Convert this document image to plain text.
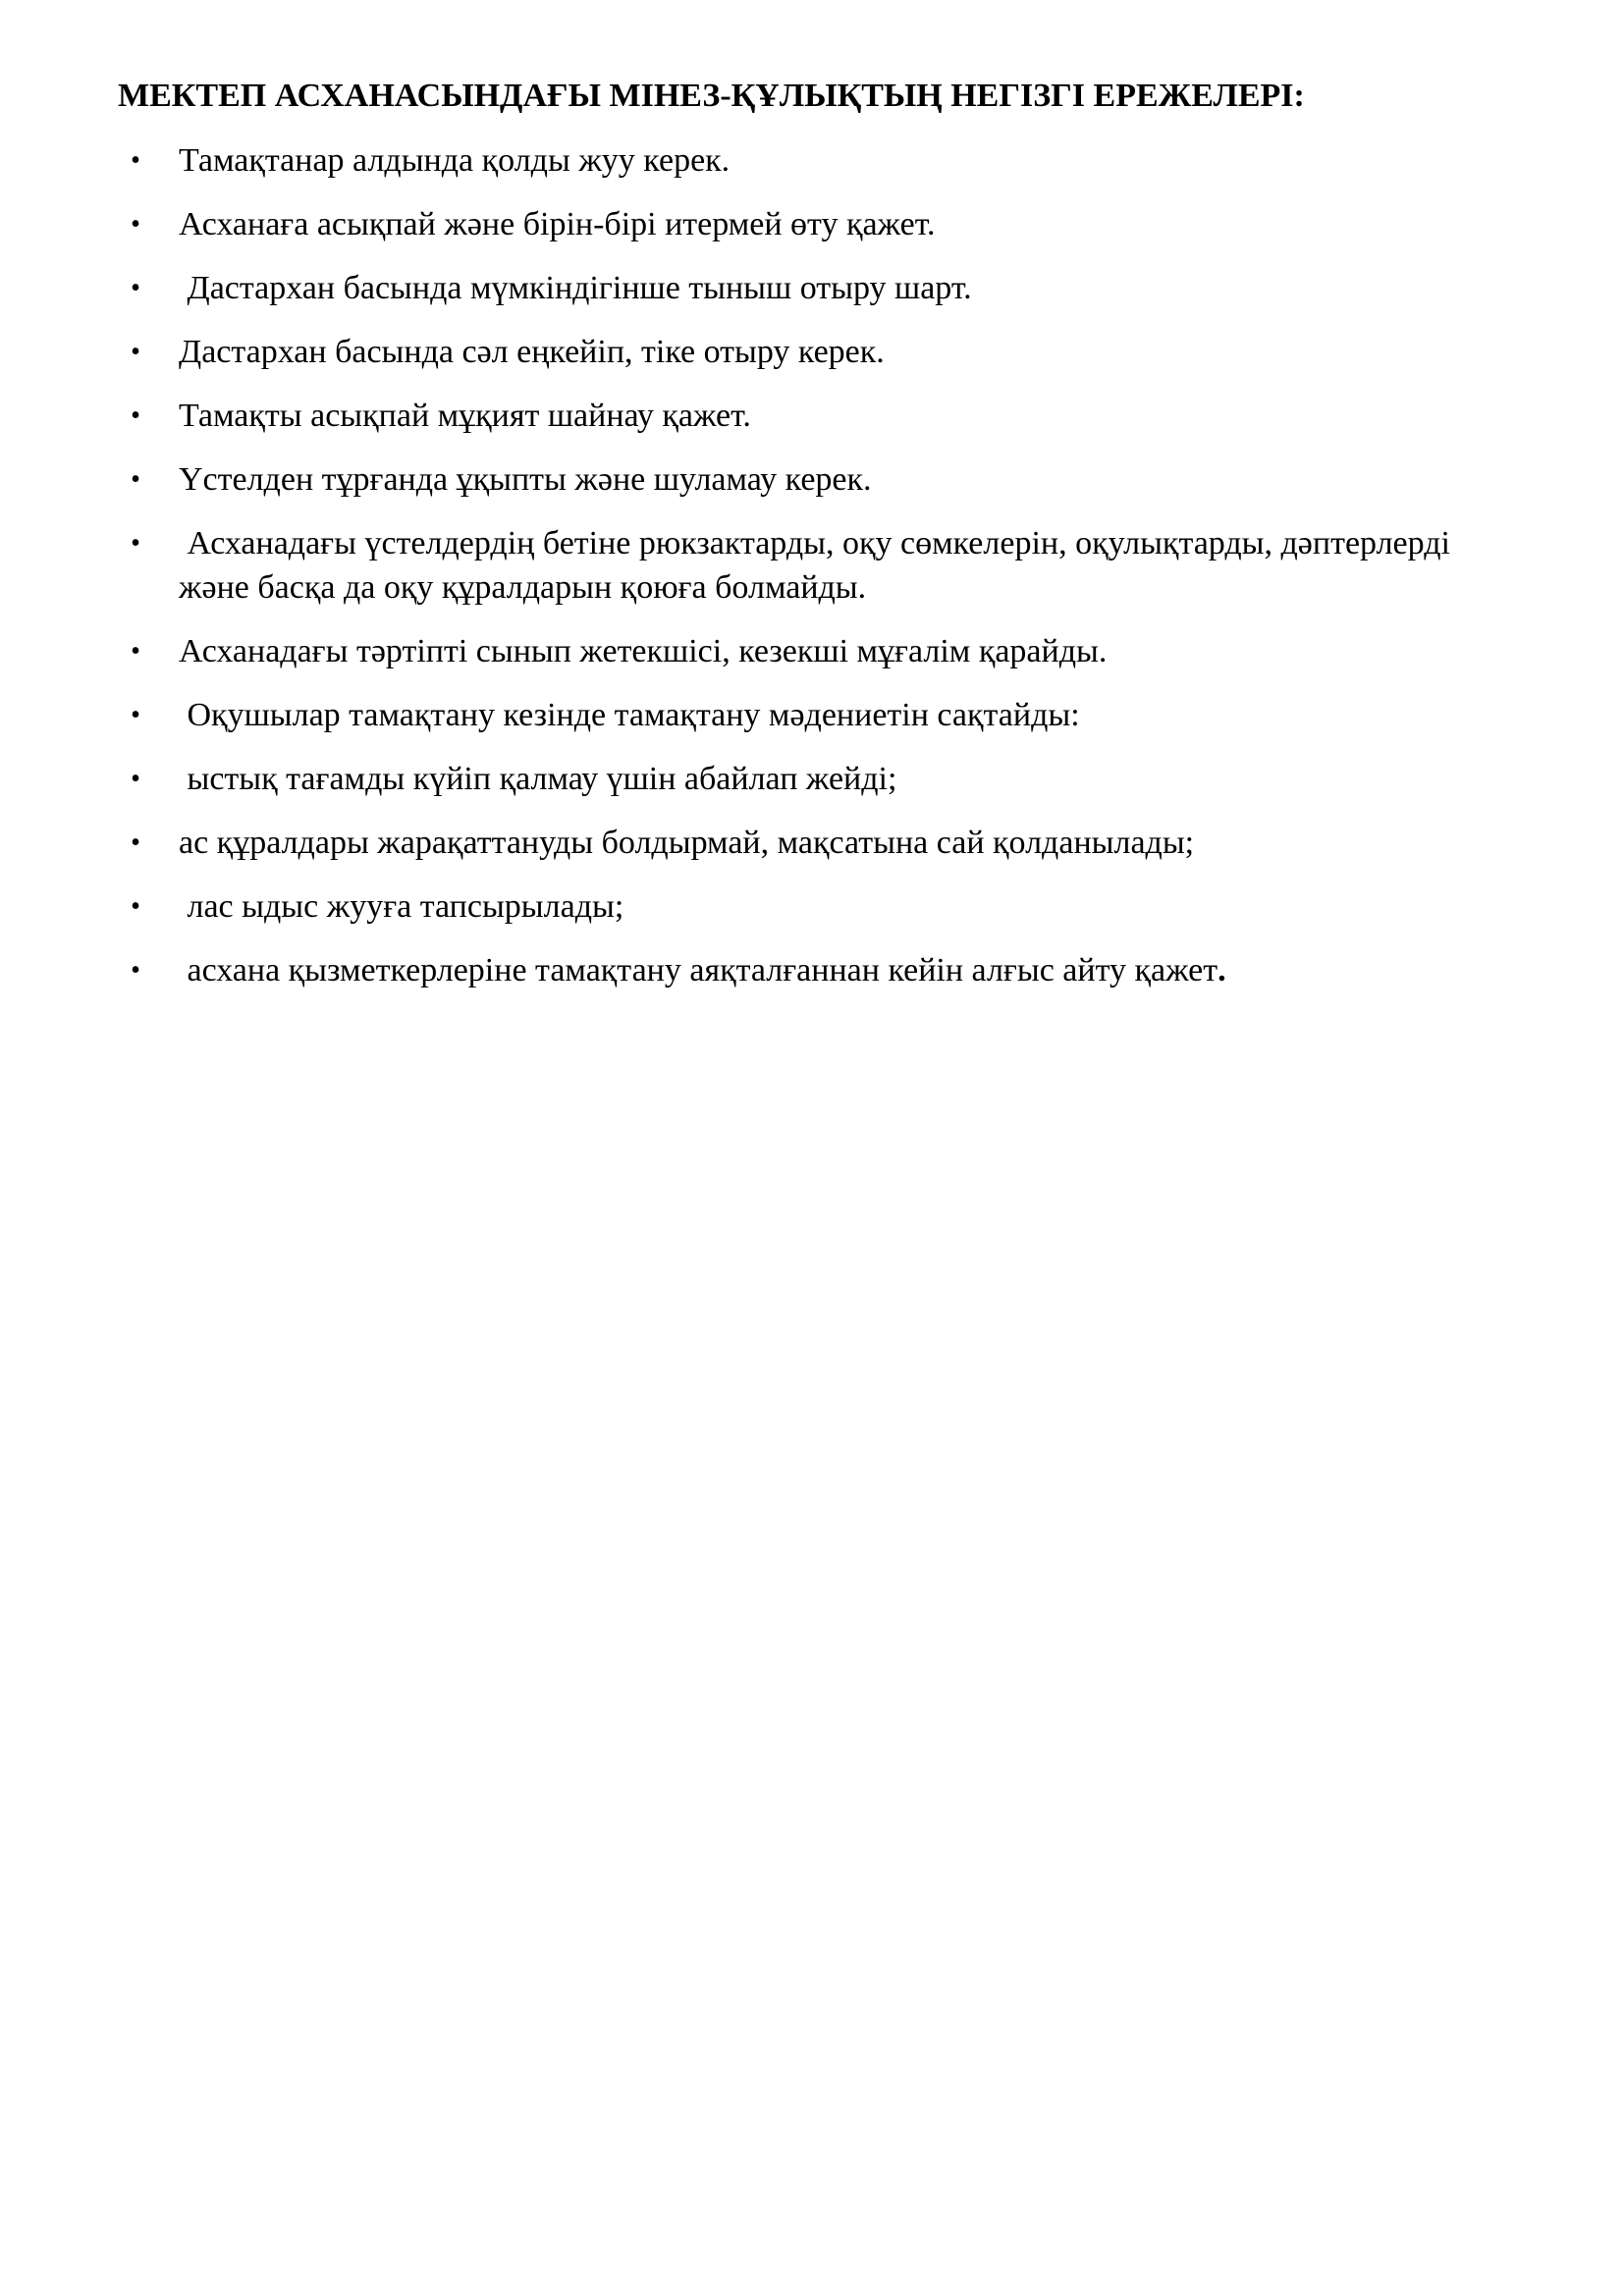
МЕКТЕП АСХАНАСЫНДАҒЫ МІНЕЗ-ҚҰЛЫҚТЫҢ НЕГІЗГІ ЕРЕЖЕЛЕРІ:
• Тамақтанар алдында қолды жуу керек.
• Асханаға асықпай және бірін-бірі итермей өту қажет.
• Дастархан басында мүмкіндігінше тыныш отыру шарт.
• Дастархан басында сәл еңкейіп, тіке отыру керек.
• Тамақты асықпай мұқият шайнау қажет.
• Үстелден тұрғанда ұқыпты және шуламау керек.
• Асханадағы үстелдердің бетіне рюкзактарды, оқу сөмкелерін, оқулықтарды, дәптерлерді және басқа да оқу құралдарын қоюға болмайды.
• Асханадағы тәртіпті сынып жетекшісі, кезекші мұғалім қарайды.
• Оқушылар тамақтану кезінде тамақтану мәдениетін сақтайды:
• ыстық тағамды күйіп қалмау үшін абайлап жейді;
• ас құралдары жарақаттануды болдырмай, мақсатына сай қолданылады;
• лас ыдыс жууға тапсырылады;
• асхана қызметкерлеріне тамақтану аяқталғаннан кейін алғыс айту қажет.
